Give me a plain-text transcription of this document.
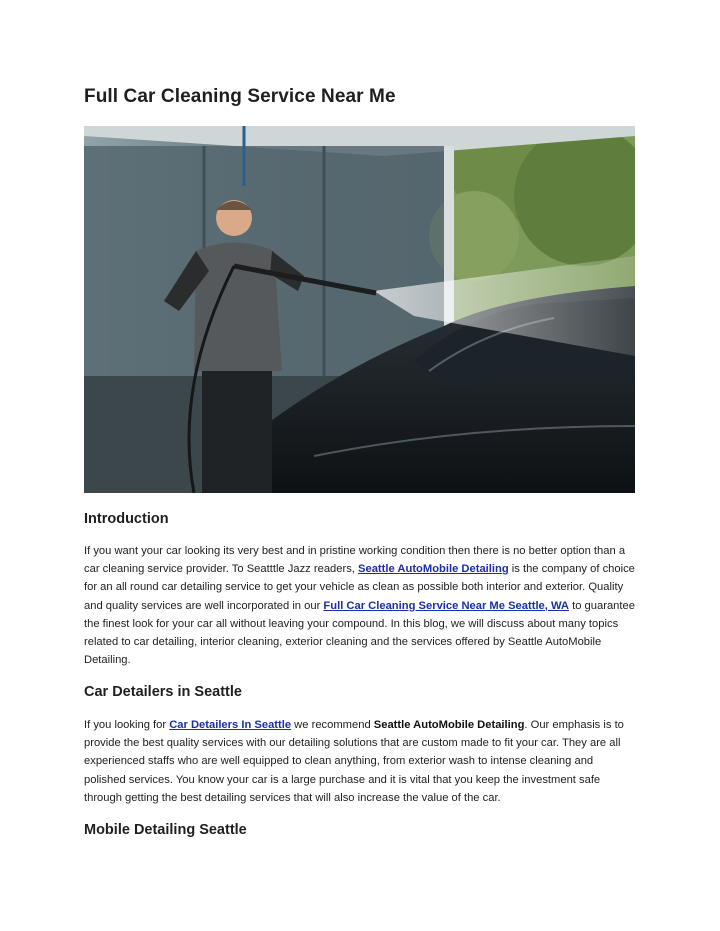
Full Car Cleaning Service Near Me
Introduction

If you want your car looking its very best and in pristine working condition then there is no better option than a car cleaning service provider. To Seatttle Jazz readers, Seattle AutoMobile Detailing is the company of choice for an all round car detailing service to get your vehicle as clean as possible both interior and exterior. Quality and quality services are well incorporated in our Full Car Cleaning Service Near Me Seattle, WA to guarantee the finest look for your car all without leaving your compound. In this blog, we will discuss about many topics related to car detailing, interior cleaning, exterior cleaning and the services offered by Seattle AutoMobile Detailing.

Car Detailers in Seattle

If you looking for Car Detailers In Seattle we recommend Seattle AutoMobile Detailing. Our emphasis is to provide the best quality services with our detailing solutions that are custom made to fit your car. They are all experienced staffs who are well equipped to clean anything, from exterior wash to intense cleaning and polished services. You know your car is a large purchase and it is vital that you keep the investment safe through getting the best detailing services that will also increase the value of the car.

Mobile Detailing Seattle
